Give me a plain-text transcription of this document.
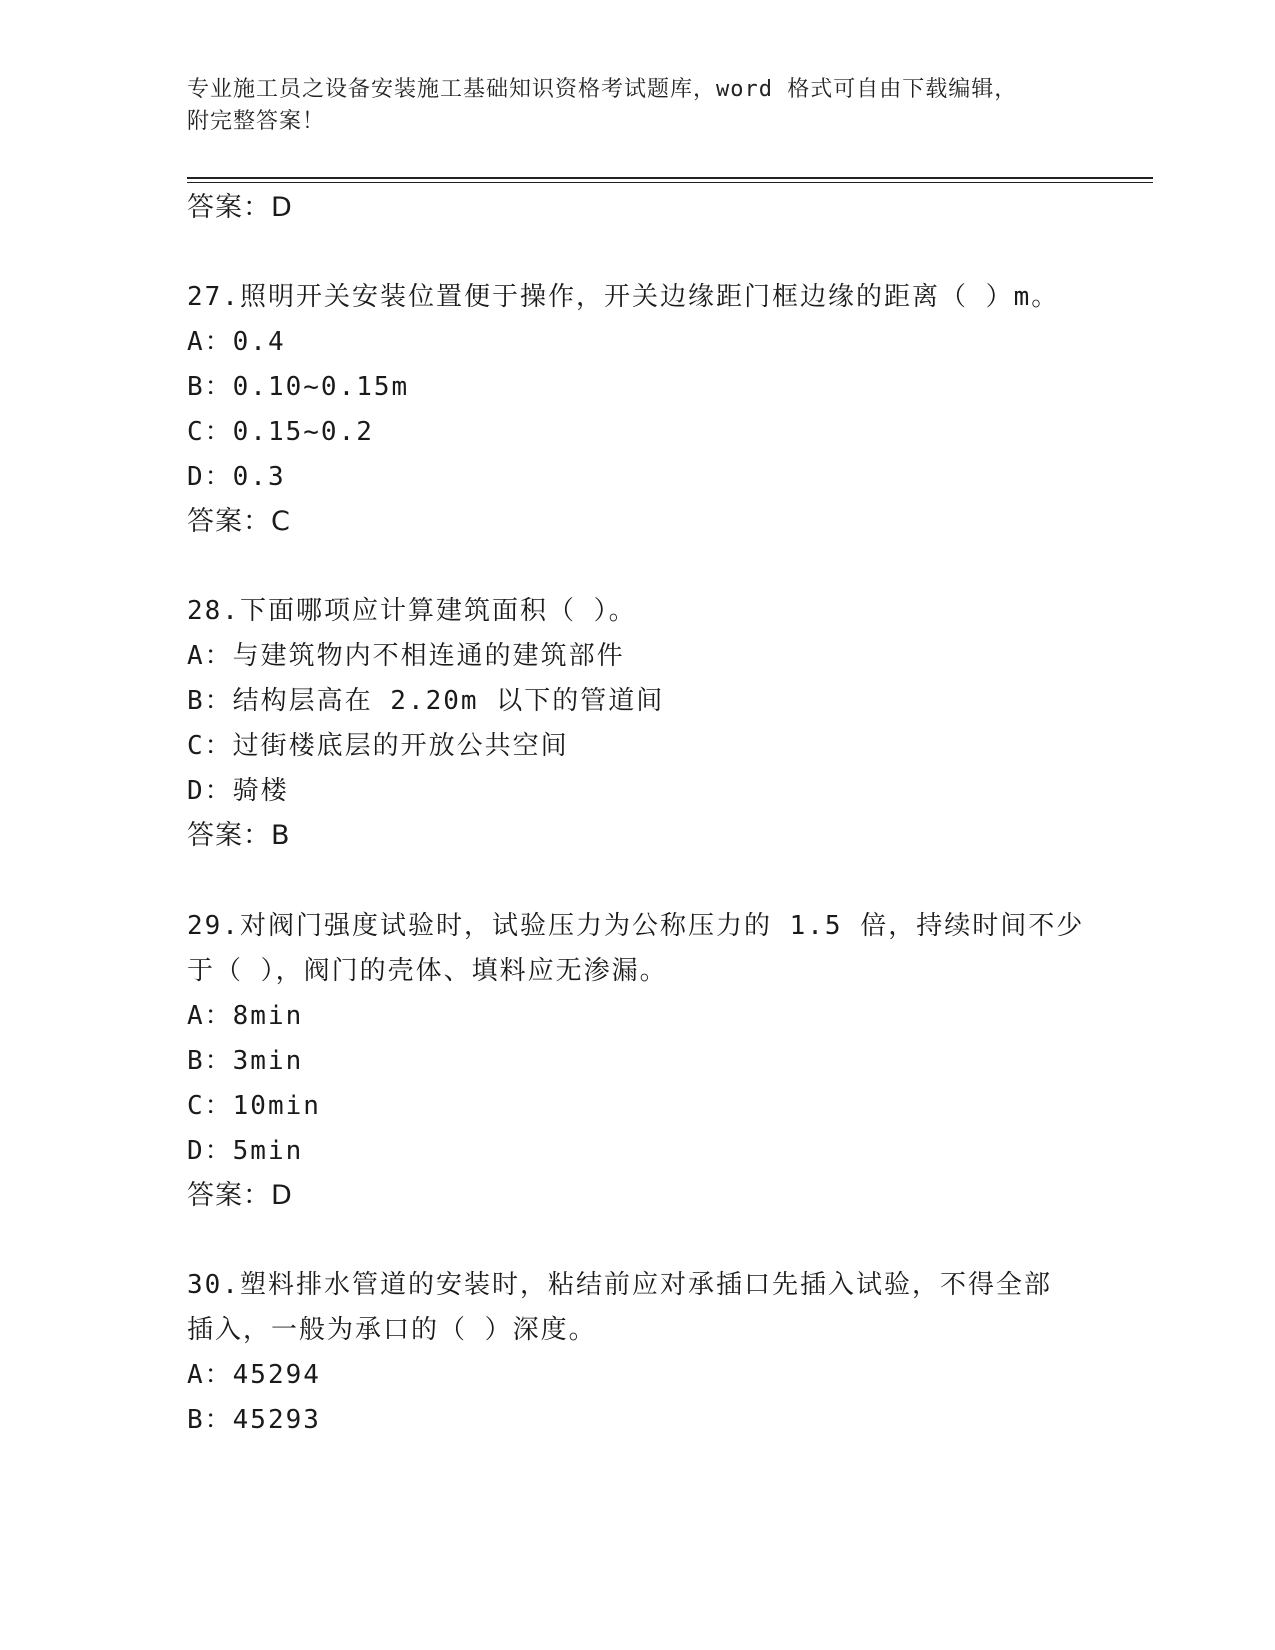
专业施工员之设备安装施工基础知识资格考试题库，word 格式可自由下载编辑，
附完整答案！
答案：D
27.照明开关安装位置便于操作，开关边缘距门框边缘的距离（ ）m。
A：0.4
B：0.10~0.15m
C：0.15~0.2
D：0.3
答案：C
28.下面哪项应计算建筑面积（ ）。
A：与建筑物内不相连通的建筑部件
B：结构层高在 2.20m 以下的管道间
C：过街楼底层的开放公共空间
D：骑楼
答案：B
29.对阀门强度试验时，试验压力为公称压力的 1.5 倍，持续时间不少
于（ ），阀门的壳体、填料应无渗漏。
A：8min
B：3min
C：10min
D：5min
答案：D
30.塑料排水管道的安装时，粘结前应对承插口先插入试验，不得全部
插入，一般为承口的（ ）深度。
A：45294
B：45293
